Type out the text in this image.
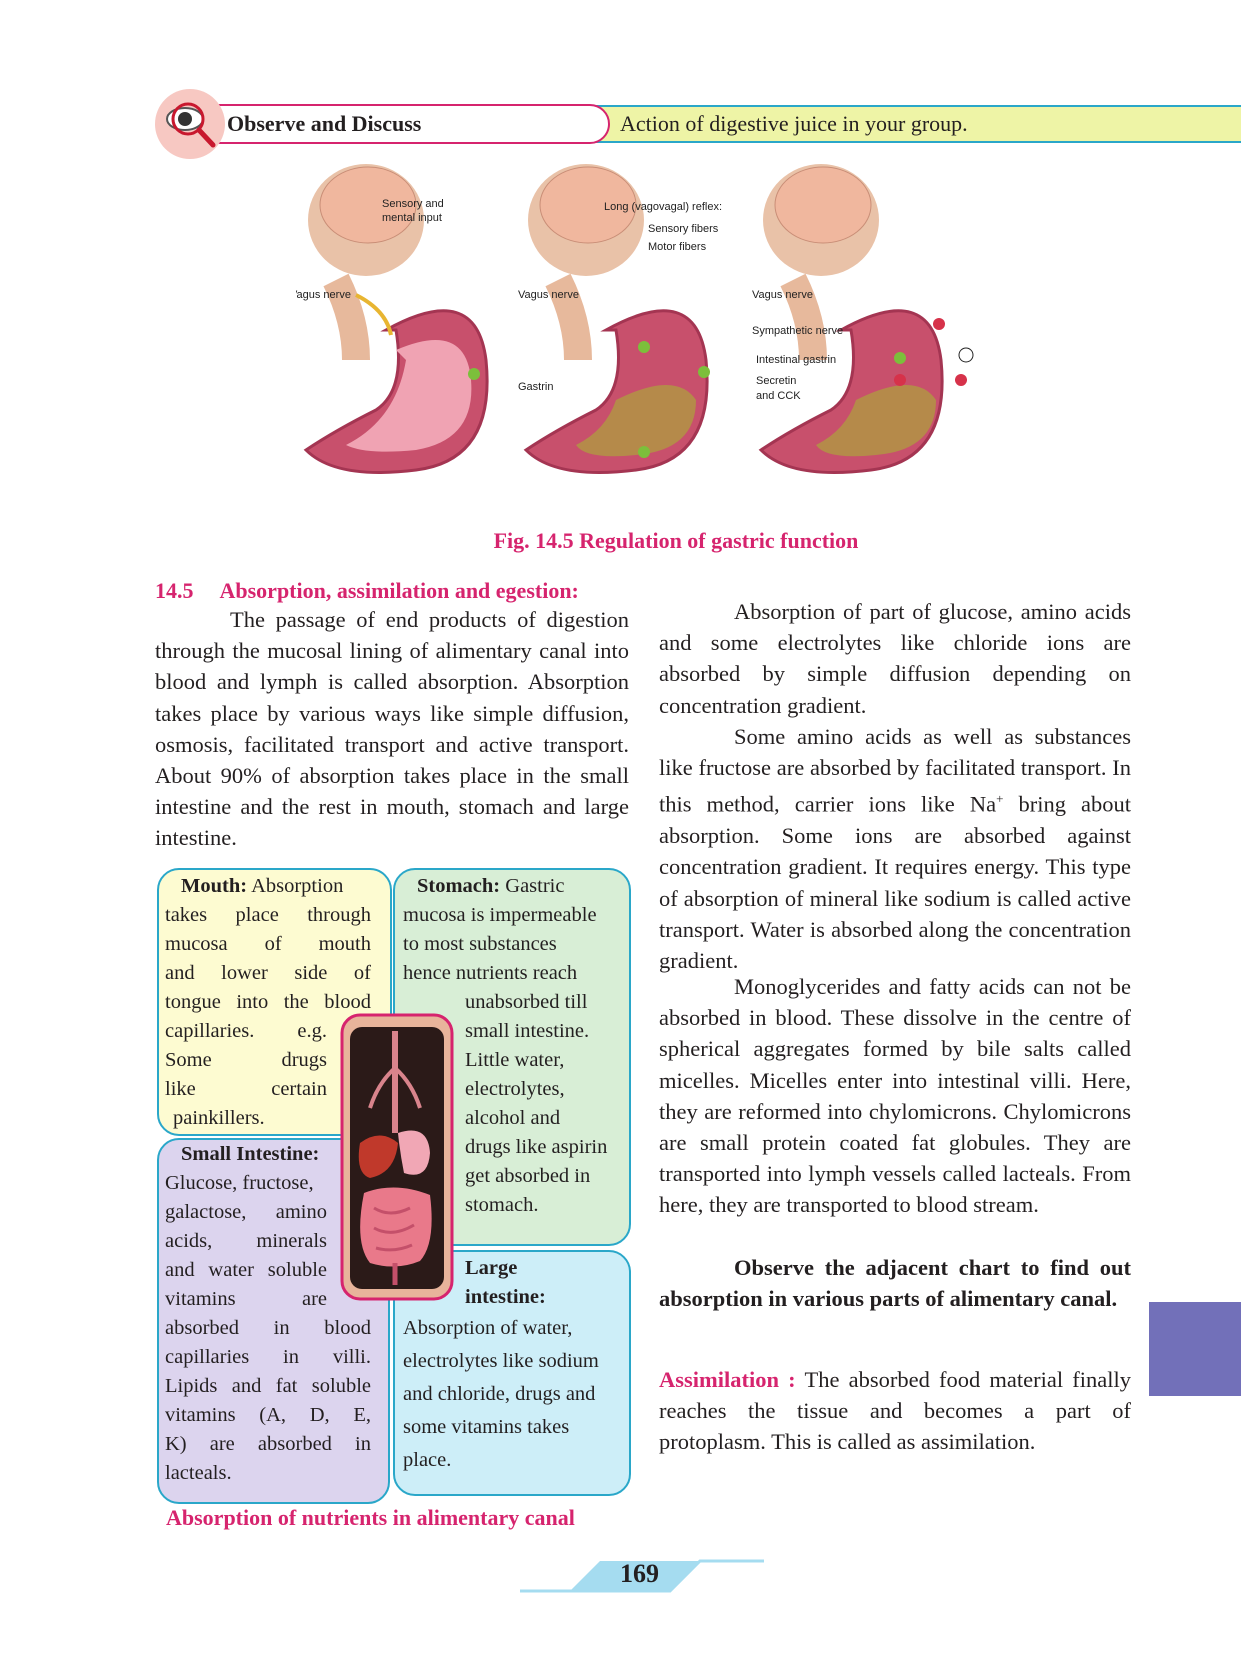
Observe and Discuss	Action of digestive juice in your group.
Sensory and
mental input
Vagus nerve
Long (vagovagal) reflex:
Sensory fibers
Motor fibers
Vagus nerve
Gastrin
Vagus nerve
Sympathetic nerve
Intestinal gastrin
Secretin
and CCK
Fig. 14.5 Regulation of gastric function
14.5 Absorption, assimilation and egestion:
The passage of end products of digestion through the mucosal lining of alimentary canal into blood and lymph is called absorption. Absorption takes place by various ways like simple diffusion, osmosis, facilitated transport and active transport. About 90% of absorption takes place in the small intestine and the rest in mouth, stomach and large intestine.
Mouth: Absorption
takes place through
mucosa of mouth
and lower side of
tongue into the blood
capillaries. e.g.
Some drugs
like certain
painkillers.
Small Intestine:
Glucose, fructose,
galactose, amino
acids, minerals
and water soluble
vitamins are
absorbed in blood
capillaries in villi.
Lipids and fat soluble
vitamins (A, D, E,
K) are absorbed in
lacteals.
Stomach: Gastric
mucosa is impermeable
to most substances
hence nutrients reach
unabsorbed till
small intestine.
Little water,
electrolytes,
alcohol and
drugs like aspirin
get absorbed in
stomach.
Large
intestine:
Absorption of water,
electrolytes like sodium
and chloride, drugs and
some vitamins takes
place.
Absorption of nutrients in alimentary canal
Absorption of part of glucose, amino acids and some electrolytes like chloride ions are absorbed by simple diffusion depending on concentration gradient.
Some amino acids as well as substances like fructose are absorbed by facilitated transport. In this method, carrier ions like Na+ bring about absorption. Some ions are absorbed against concentration gradient. It requires energy. This type of absorption of mineral like sodium is called active transport. Water is absorbed along the concentration gradient.
Monoglycerides and fatty acids can not be absorbed in blood. These dissolve in the centre of spherical aggregates formed by bile salts called micelles. Micelles enter into intestinal villi. Here, they are reformed into chylomicrons. Chylomicrons are small protein coated fat globules. They are transported into lymph vessels called lacteals. From here, they are transported to blood stream.
Observe the adjacent chart to find out absorption in various parts of alimentary canal.
Assimilation : The absorbed food material finally reaches the tissue and becomes a part of protoplasm. This is called as assimilation.
169
